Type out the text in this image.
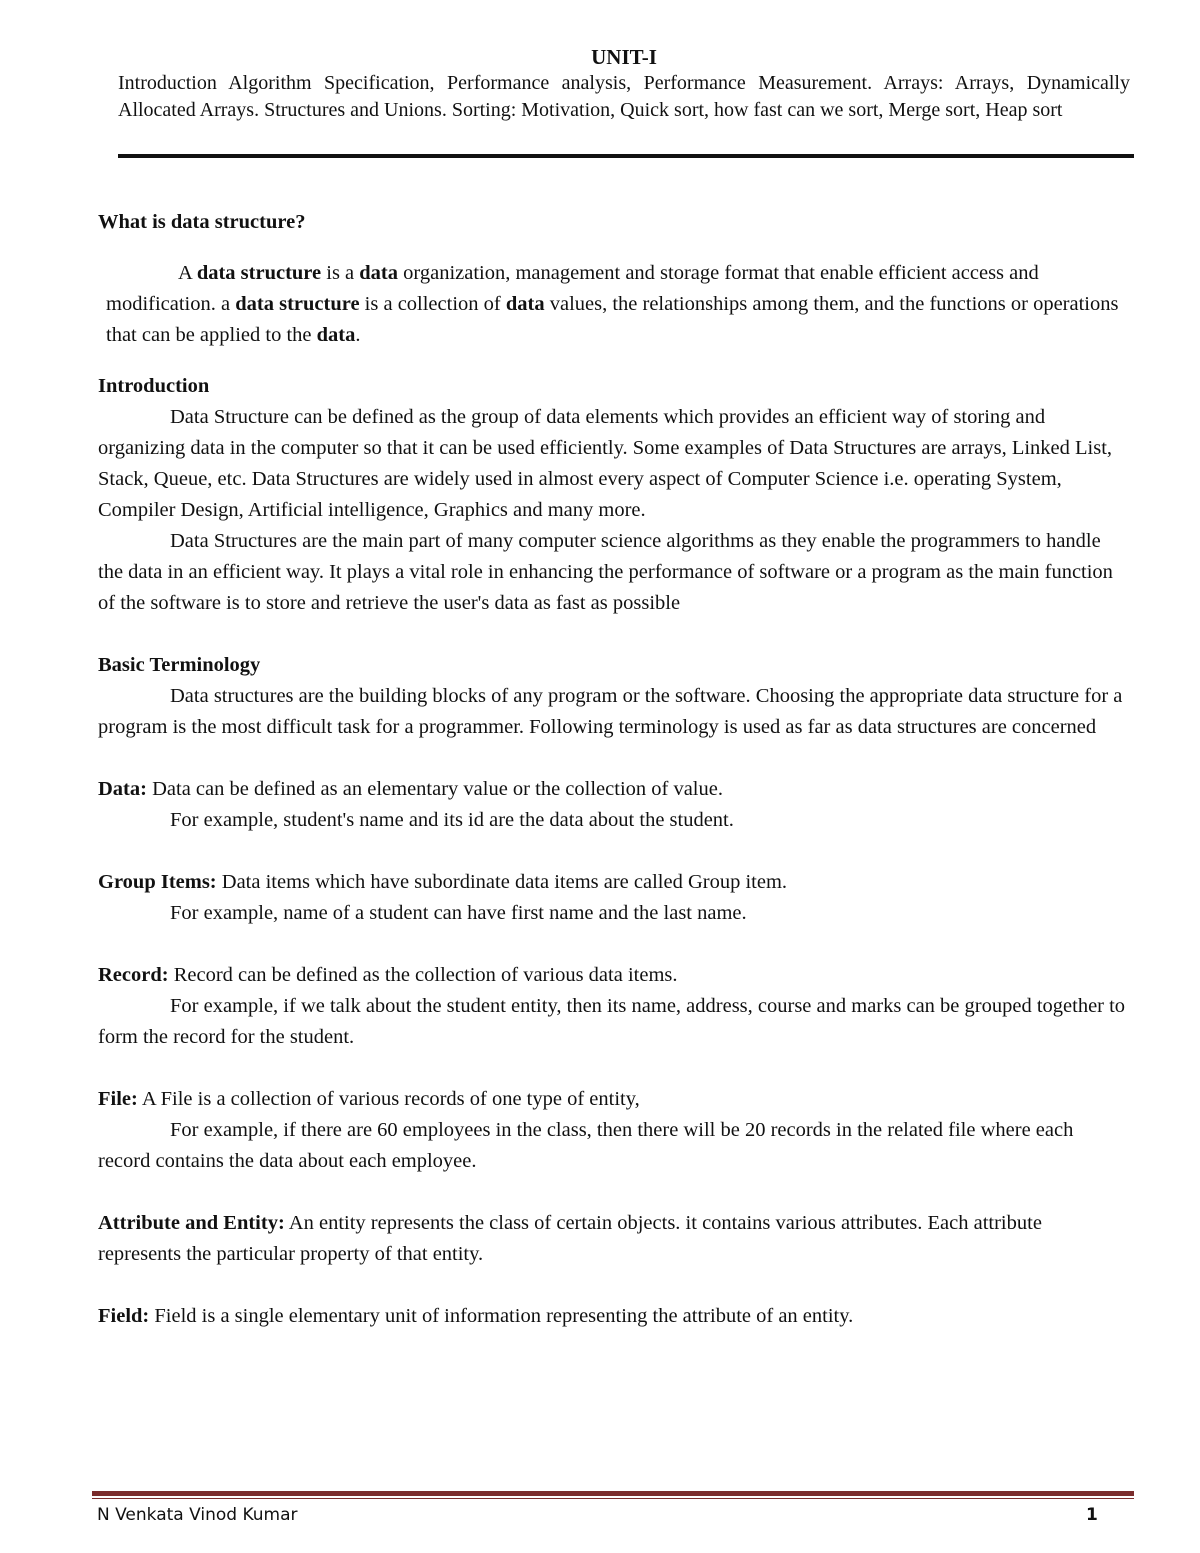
UNIT-I

Introduction Algorithm Specification, Performance analysis, Performance Measurement. Arrays: Arrays, Dynamically Allocated Arrays. Structures and Unions. Sorting: Motivation, Quick sort, how fast can we sort, Merge sort, Heap sort

What is data structure?

A data structure is a data organization, management and storage format that enable efficient access and modification. a data structure is a collection of data values, the relationships among them, and the functions or operations that can be applied to the data.

Introduction

Data Structure can be defined as the group of data elements which provides an efficient way of storing and organizing data in the computer so that it can be used efficiently. Some examples of Data Structures are arrays, Linked List, Stack, Queue, etc. Data Structures are widely used in almost every aspect of Computer Science i.e. operating System, Compiler Design, Artificial intelligence, Graphics and many more.

Data Structures are the main part of many computer science algorithms as they enable the programmers to handle the data in an efficient way. It plays a vital role in enhancing the performance of software or a program as the main function of the software is to store and retrieve the user's data as fast as possible

Basic Terminology

Data structures are the building blocks of any program or the software. Choosing the appropriate data structure for a program is the most difficult task for a programmer. Following terminology is used as far as data structures are concerned

Data: Data can be defined as an elementary value or the collection of value.

For example, student's name and its id are the data about the student.

Group Items: Data items which have subordinate data items are called Group item.

For example, name of a student can have first name and the last name.

Record: Record can be defined as the collection of various data items.

For example, if we talk about the student entity, then its name, address, course and marks can be grouped together to form the record for the student.

File: A File is a collection of various records of one type of entity,

For example, if there are 60 employees in the class, then there will be 20 records in the related file where each record contains the data about each employee.

Attribute and Entity: An entity represents the class of certain objects. it contains various attributes. Each attribute represents the particular property of that entity.

Field: Field is a single elementary unit of information representing the attribute of an entity.

N Venkata Vinod Kumar	1
